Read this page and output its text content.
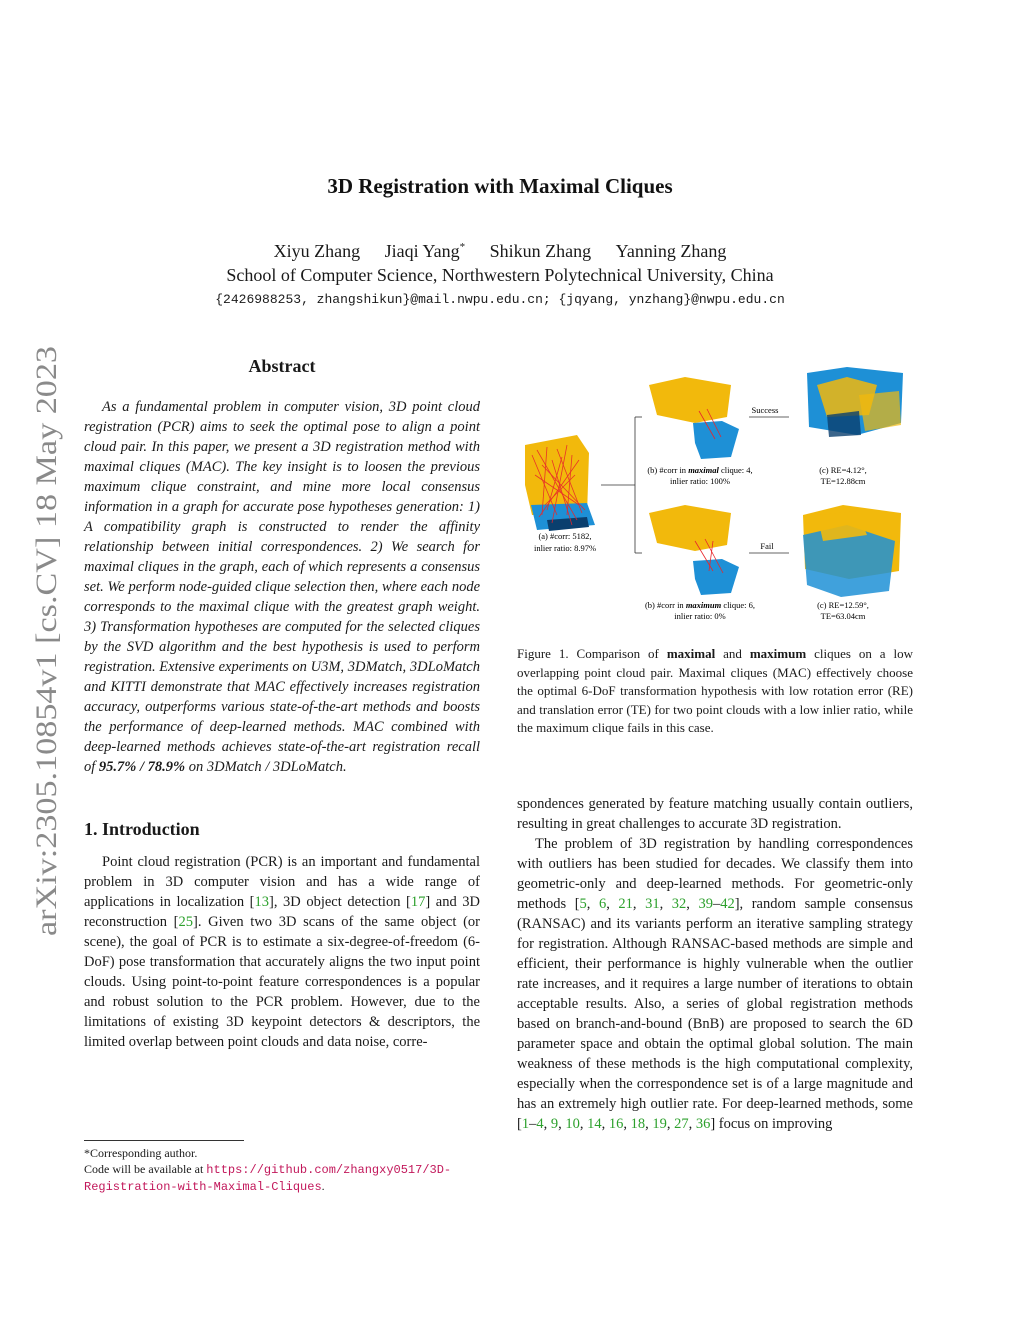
arXiv:2305.10854v1 [cs.CV] 18 May 2023
3D Registration with Maximal Cliques
Xiyu Zhang Jiaqi Yang* Shikun Zhang Yanning Zhang
School of Computer Science, Northwestern Polytechnical University, China
{2426988253, zhangshikun}@mail.nwpu.edu.cn; {jqyang, ynzhang}@nwpu.edu.cn
Abstract

As a fundamental problem in computer vision, 3D point cloud registration (PCR) aims to seek the optimal pose to align a point cloud pair. In this paper, we present a 3D registration method with maximal cliques (MAC). The key insight is to loosen the previous maximum clique constraint, and mine more local consensus information in a graph for accurate pose hypotheses generation: 1) A compatibility graph is constructed to render the affinity relationship between initial correspondences. 2) We search for maximal cliques in the graph, each of which represents a consensus set. We perform node-guided clique selection then, where each node corresponds to the maximal clique with the greatest graph weight. 3) Transformation hypotheses are computed for the selected cliques by the SVD algorithm and the best hypothesis is used to perform registration. Extensive experiments on U3M, 3DMatch, 3DLoMatch and KITTI demonstrate that MAC effectively increases registration accuracy, outperforms various state-of-the-art methods and boosts the performance of deep-learned methods. MAC combined with deep-learned methods achieves state-of-the-art registration recall of 95.7% / 78.9% on 3DMatch / 3DLoMatch.

1. Introduction

Point cloud registration (PCR) is an important and fundamental problem in 3D computer vision and has a wide range of applications in localization [13], 3D object detection [17] and 3D reconstruction [25]. Given two 3D scans of the same object (or scene), the goal of PCR is to estimate a six-degree-of-freedom (6-DoF) pose transformation that accurately aligns the two input point clouds. Using point-to-point feature correspondences is a popular and robust solution to the PCR problem. However, due to the limitations of existing 3D keypoint detectors & descriptors, the limited overlap between point clouds and data noise, corre-

*Corresponding author.
Code will be available at https://github.com/zhangxy0517/3D-Registration-with-Maximal-Cliques.
(a) #corr: 5182,
inlier ratio: 8.97%
(b) #corr in maximal clique: 4,
inlier ratio: 100%
Success
(c) RE=4.12°,
TE=12.88cm
(b) #corr in maximum clique: 6,
inlier ratio: 0%
Fail
(c) RE=12.59°,
TE=63.04cm
Figure 1. Comparison of maximal and maximum cliques on a low overlapping point cloud pair. Maximal cliques (MAC) effectively choose the optimal 6-DoF transformation hypothesis with low rotation error (RE) and translation error (TE) for two point clouds with a low inlier ratio, while the maximum clique fails in this case.

spondences generated by feature matching usually contain outliers, resulting in great challenges to accurate 3D registration.

The problem of 3D registration by handling correspondences with outliers has been studied for decades. We classify them into geometric-only and deep-learned methods. For geometric-only methods [5, 6, 21, 31, 32, 39–42], random sample consensus (RANSAC) and its variants perform an iterative sampling strategy for registration. Although RANSAC-based methods are simple and efficient, their performance is highly vulnerable when the outlier rate increases, and it requires a large number of iterations to obtain acceptable results. Also, a series of global registration methods based on branch-and-bound (BnB) are proposed to search the 6D parameter space and obtain the optimal global solution. The main weakness of these methods is the high computational complexity, especially when the correspondence set is of a large magnitude and has an extremely high outlier rate. For deep-learned methods, some [1–4, 9, 10, 14, 16, 18, 19, 27, 36] focus on improving
